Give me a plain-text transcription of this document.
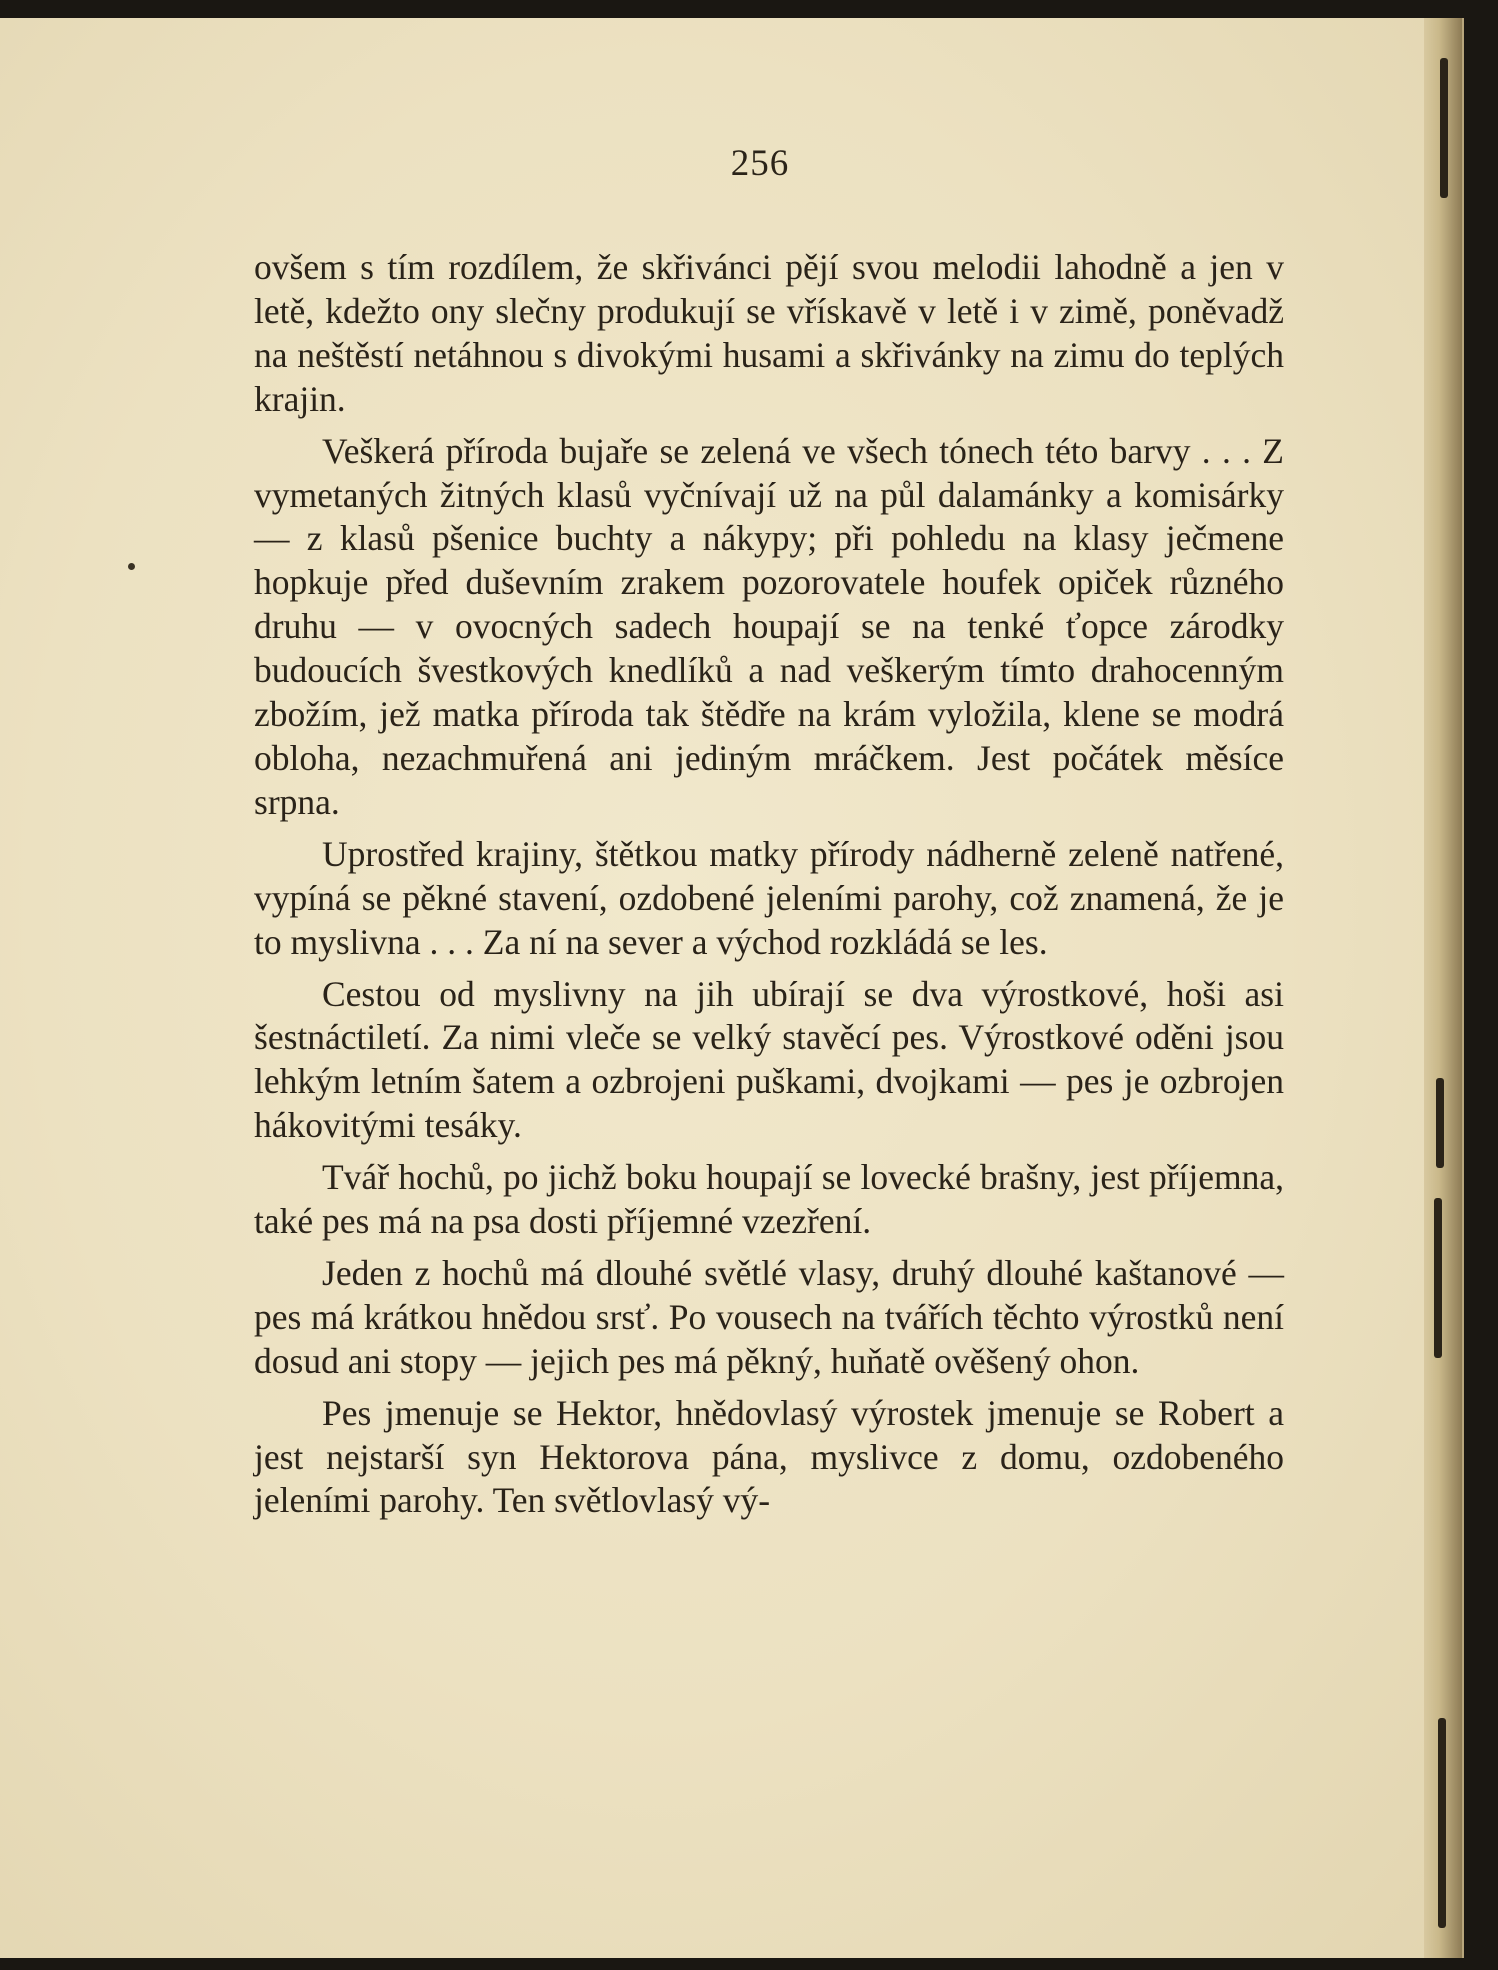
256

ovšem s tím rozdílem, že skřivánci pějí svou melodii lahodně a jen v letě, kdežto ony slečny produkují se vřískavě v letě i v zimě, poněvadž na neštěstí netáhnou s divokými husami a skřivánky na zimu do teplých krajin.

Veškerá příroda bujaře se zelená ve všech tónech této barvy . . . Z vymetaných žitných klasů vyčnívají už na půl dalamánky a komisárky — z klasů pšenice buchty a nákypy; při pohledu na klasy ječmene hopkuje před duševním zrakem pozorovatele houfek opiček různého druhu — v ovocných sadech houpají se na tenké ťopce zárodky budoucích švestkových knedlíků a nad veškerým tímto drahocenným zbožím, jež matka příroda tak štědře na krám vyložila, klene se modrá obloha, nezachmuřená ani jediným mráčkem. Jest počátek měsíce srpna.

Uprostřed krajiny, štětkou matky přírody nádherně zeleně natřené, vypíná se pěkné stavení, ozdobené jeleními parohy, což znamená, že je to myslivna . . . Za ní na sever a východ rozkládá se les.

Cestou od myslivny na jih ubírají se dva výrostkové, hoši asi šestnáctiletí. Za nimi vleče se velký stavěcí pes. Výrostkové oděni jsou lehkým letním šatem a ozbrojeni puškami, dvojkami — pes je ozbrojen hákovitými tesáky.

Tvář hochů, po jichž boku houpají se lovecké brašny, jest příjemna, také pes má na psa dosti příjemné vzezření.

Jeden z hochů má dlouhé světlé vlasy, druhý dlouhé kaštanové — pes má krátkou hnědou srsť. Po vousech na tvářích těchto výrostků není dosud ani stopy — jejich pes má pěkný, huňatě ověšený ohon.

Pes jmenuje se Hektor, hnědovlasý výrostek jmenuje se Robert a jest nejstarší syn Hektorova pána, myslivce z domu, ozdobeného jeleními parohy. Ten světlovlasý vý-
